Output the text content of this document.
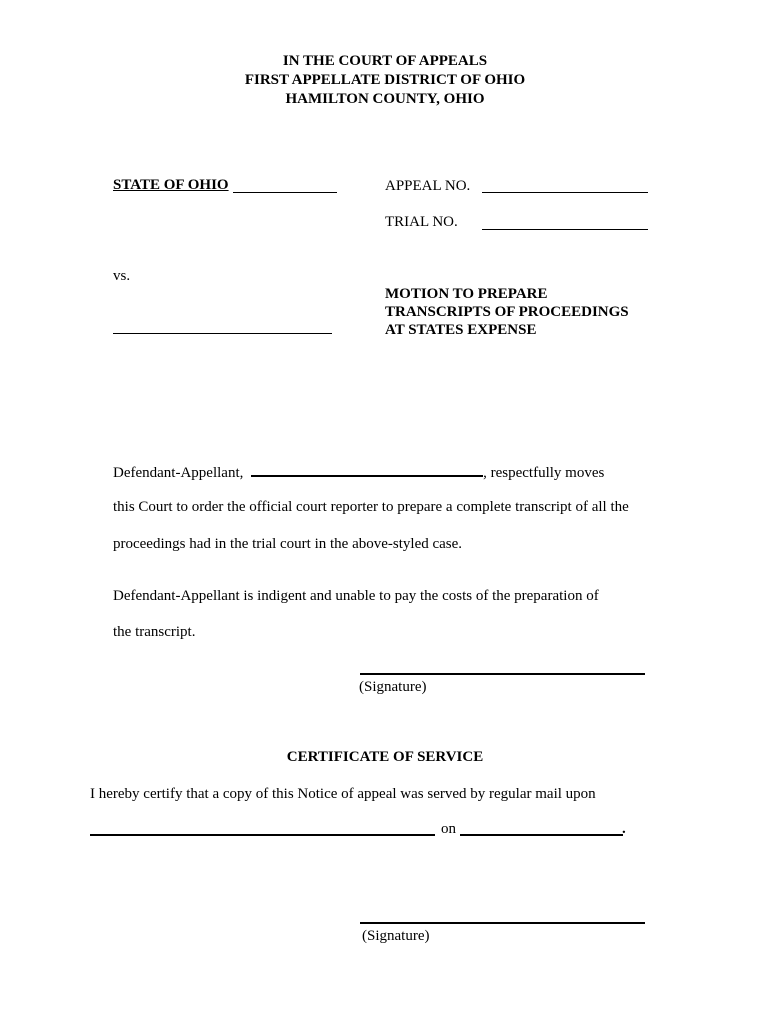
IN THE COURT OF APPEALS
FIRST APPELLATE DISTRICT OF OHIO
HAMILTON COUNTY, OHIO
STATE OF OHIO	APPEAL NO.
TRIAL NO.
vs.
MOTION TO PREPARE
TRANSCRIPTS OF PROCEEDINGS
AT STATES EXPENSE
Defendant-Appellant,	, respectfully moves
this Court to order the official court reporter to prepare a complete transcript of all the
proceedings had in the trial court in the above-styled case.
Defendant-Appellant is indigent and unable to pay the costs of the preparation of
the transcript.
(Signature)
CERTIFICATE OF SERVICE
I hereby certify that a copy of this Notice of appeal was served by regular mail upon
on	.
(Signature)
